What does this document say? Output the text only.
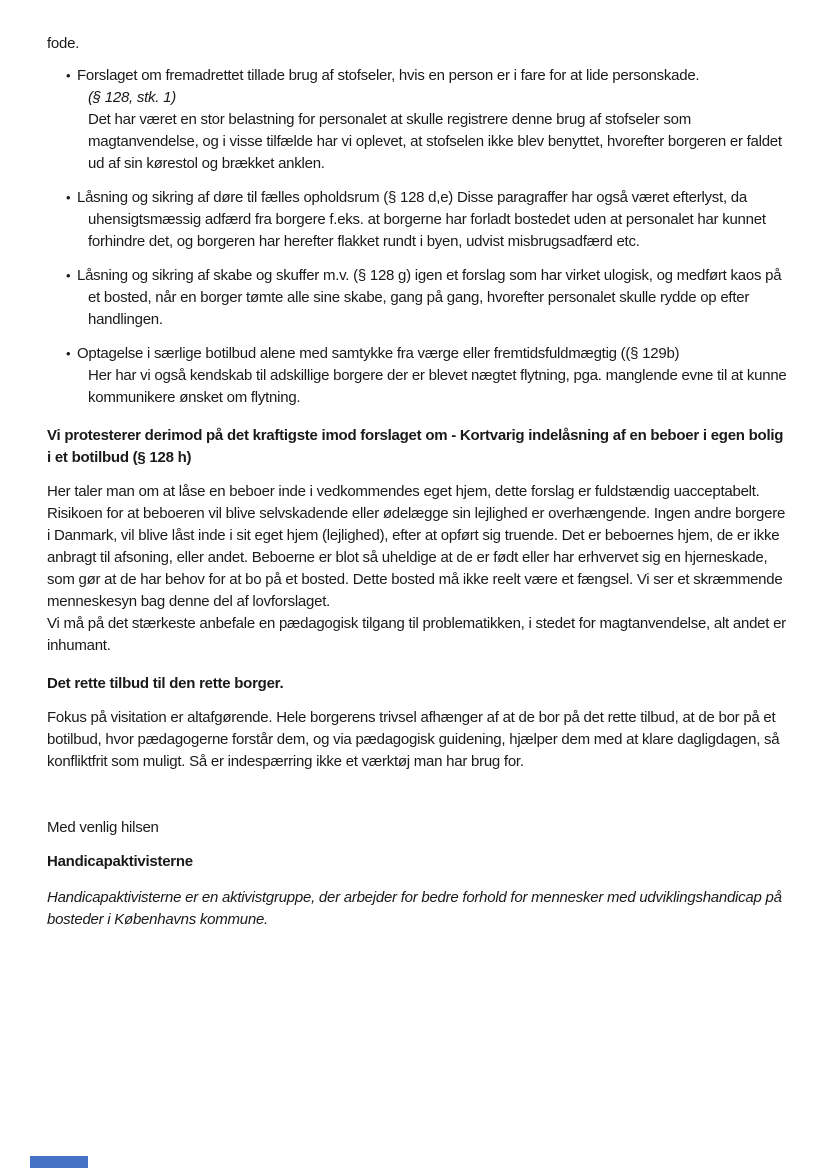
fode.

• Forslaget om fremadrettet tillade brug af stofseler, hvis en person er i fare for at lide personskade.
(§ 128, stk. 1)
Det har været en stor belastning for personalet at skulle registrere denne brug af stofseler som magtanvendelse, og i visse tilfælde har vi oplevet, at stofselen ikke blev benyttet, hvorefter borgeren er faldet ud af sin kørestol og brækket anklen.
• Låsning og sikring af døre til fælles opholdsrum (§ 128 d,e) Disse paragraffer har også været efterlyst, da uhensigtsmæssig adfærd fra borgere f.eks. at borgerne har forladt bostedet uden at personalet har kunnet forhindre det, og borgeren har herefter flakket rundt i byen, udvist misbrugsadfærd etc.
• Låsning og sikring af skabe og skuffer m.v. (§ 128 g) igen et forslag som har virket ulogisk, og medført kaos på et bosted, når en borger tømte alle sine skabe, gang på gang, hvorefter personalet skulle rydde op efter handlingen.
• Optagelse i særlige botilbud alene med samtykke fra værge eller fremtidsfuldmægtig ((§ 129b)
Her har vi også kendskab til adskillige borgere der er blevet nægtet flytning, pga. manglende evne til at kunne kommunikere ønsket om flytning.
Vi protesterer derimod på det kraftigste imod forslaget om - Kortvarig indelåsning af en beboer i egen bolig i et botilbud (§ 128 h)

Her taler man om at låse en beboer inde i vedkommendes eget hjem, dette forslag er fuldstændig uacceptabelt. Risikoen for at beboeren vil blive selvskadende eller ødelægge sin lejlighed er overhængende. Ingen andre borgere i Danmark, vil blive låst inde i sit eget hjem (lejlighed), efter at opført sig truende. Det er beboernes hjem, de er ikke anbragt til afsoning, eller andet. Beboerne er blot så uheldige at de er født eller har erhvervet sig en hjerneskade, som gør at de har behov for at bo på et bosted. Dette bosted må ikke reelt være et fængsel. Vi ser et skræmmende menneskesyn bag denne del af lovforslaget.
Vi må på det stærkeste anbefale en pædagogisk tilgang til problematikken, i stedet for magtanvendelse, alt andet er inhumant.

Det rette tilbud til den rette borger.

Fokus på visitation er altafgørende. Hele borgerens trivsel afhænger af at de bor på det rette tilbud, at de bor på et botilbud, hvor pædagogerne forstår dem, og via pædagogisk guidening, hjælper dem med at klare dagligdagen, så konfliktfrit som muligt. Så er indespærring ikke et værktøj man har brug for.

Med venlig hilsen

Handicapaktivisterne

Handicapaktivisterne er en aktivistgruppe, der arbejder for bedre forhold for mennesker med udviklingshandicap på bosteder i Københavns kommune.
